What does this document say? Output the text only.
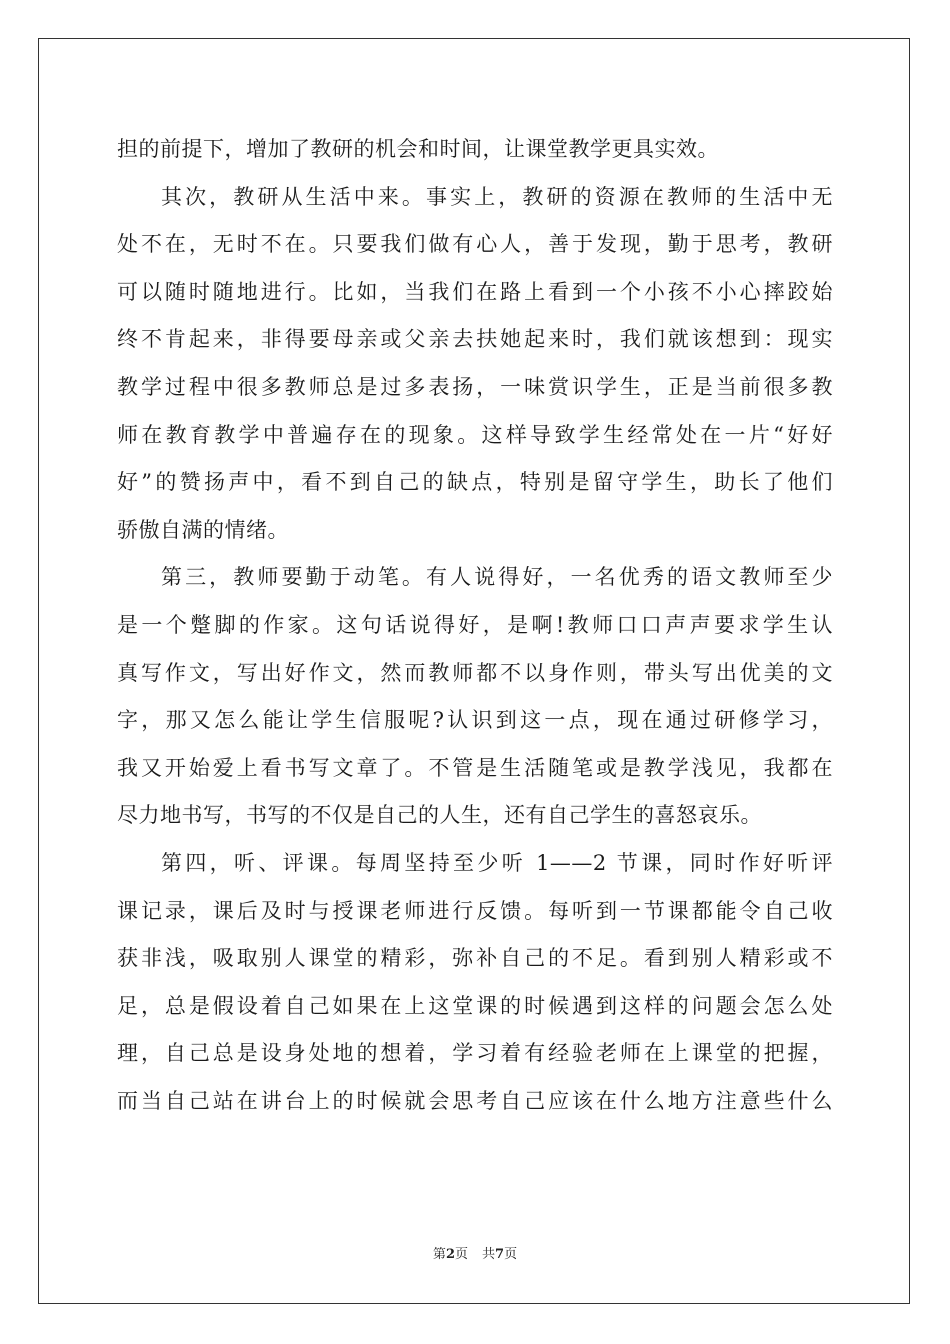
担的前提下，增加了教研的机会和时间，让课堂教学更具实效。
其次，教研从生活中来。事实上，教研的资源在教师的生活中无
处不在，无时不在。只要我们做有心人，善于发现，勤于思考，教研
可以随时随地进行。比如，当我们在路上看到一个小孩不小心摔跤始
终不肯起来，非得要母亲或父亲去扶她起来时，我们就该想到：现实
教学过程中很多教师总是过多表扬，一味赏识学生，正是当前很多教
师在教育教学中普遍存在的现象。这样导致学生经常处在一片“好好
好”的赞扬声中，看不到自己的缺点，特别是留守学生，助长了他们
骄傲自满的情绪。
第三，教师要勤于动笔。有人说得好，一名优秀的语文教师至少
是一个蹩脚的作家。这句话说得好，是啊!教师口口声声要求学生认
真写作文，写出好作文，然而教师都不以身作则，带头写出优美的文
字，那又怎么能让学生信服呢?认识到这一点，现在通过研修学习，
我又开始爱上看书写文章了。不管是生活随笔或是教学浅见，我都在
尽力地书写，书写的不仅是自己的人生，还有自己学生的喜怒哀乐。
第四，听、评课。每周坚持至少听 1——2 节课，同时作好听评
课记录，课后及时与授课老师进行反馈。每听到一节课都能令自己收
获非浅，吸取别人课堂的精彩，弥补自己的不足。看到别人精彩或不
足，总是假设着自己如果在上这堂课的时候遇到这样的问题会怎么处
理，自己总是设身处地的想着，学习着有经验老师在上课堂的把握，
而当自己站在讲台上的时候就会思考自己应该在什么地方注意些什么
第2页 共7页
